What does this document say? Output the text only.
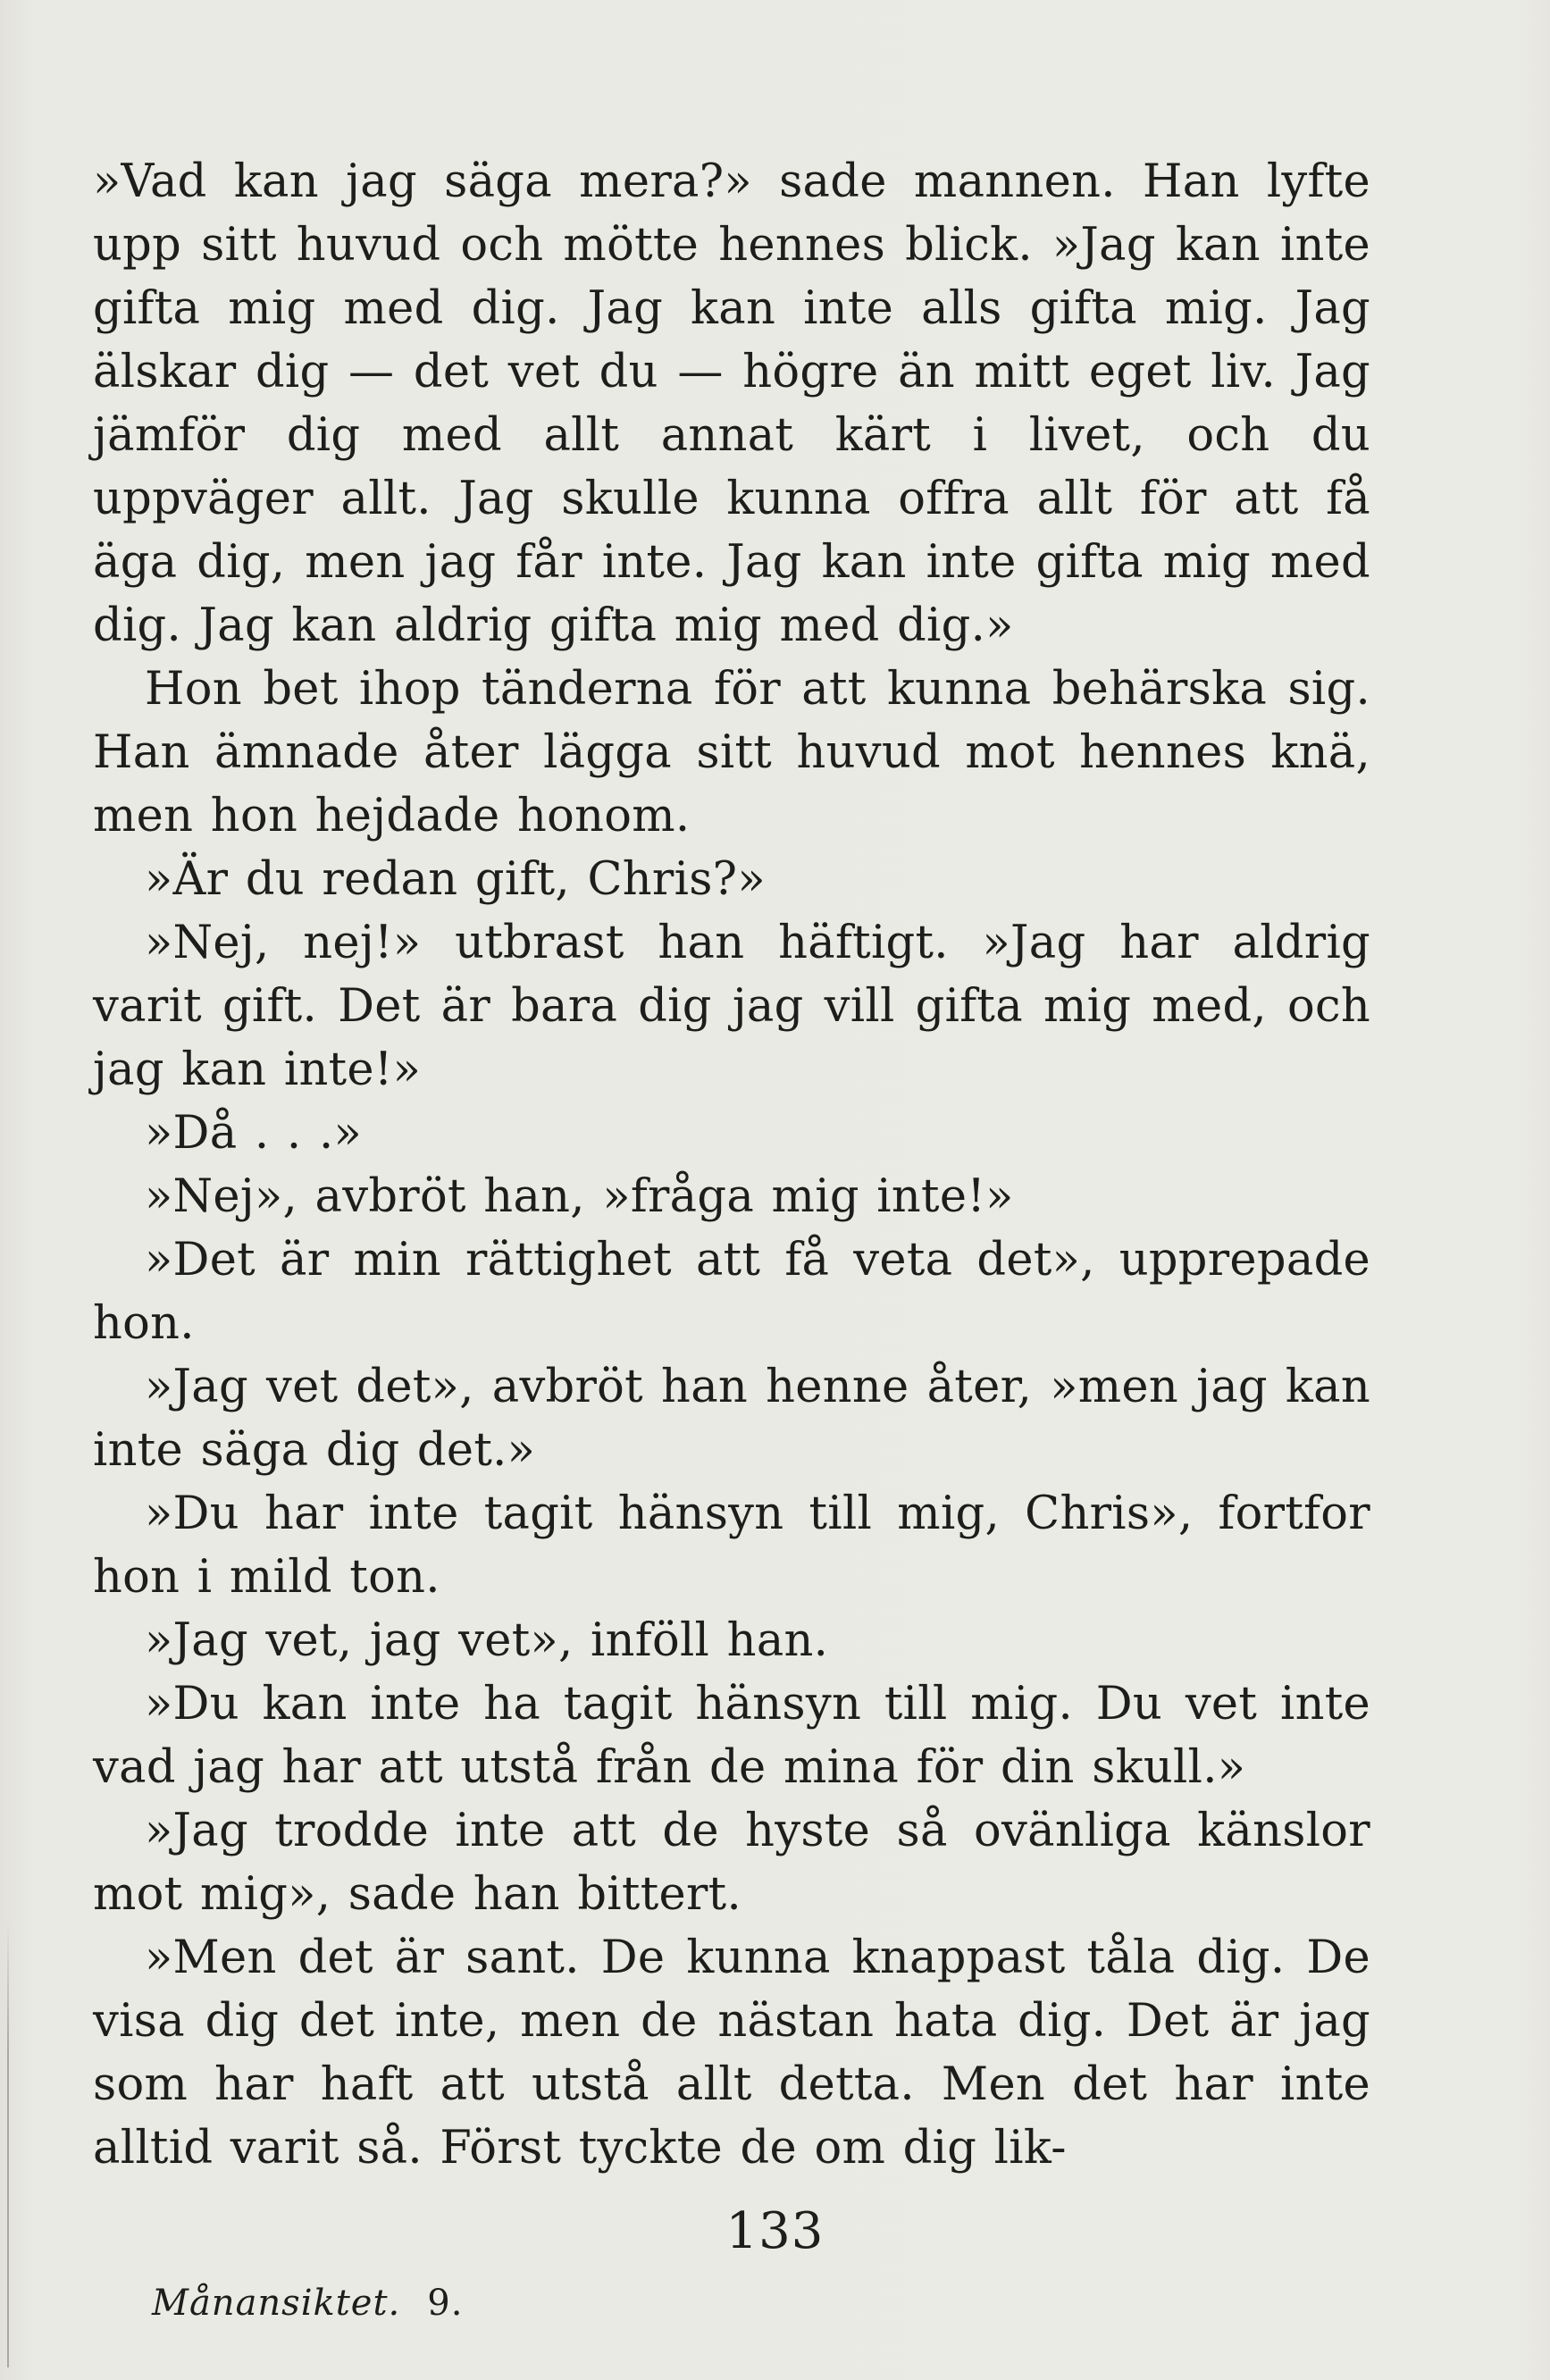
»Vad kan jag säga mera?» sade mannen. Han lyfte upp sitt huvud och mötte hennes blick. »Jag kan inte gifta mig med dig. Jag kan inte alls gifta mig. Jag älskar dig — det vet du — högre än mitt eget liv. Jag jämför dig med allt annat kärt i livet, och du uppväger allt. Jag skulle kunna offra allt för att få äga dig, men jag får inte. Jag kan inte gifta mig med dig. Jag kan aldrig gifta mig med dig.»

Hon bet ihop tänderna för att kunna behärska sig. Han ämnade åter lägga sitt huvud mot hennes knä, men hon hejdade honom.

»Är du redan gift, Chris?»

»Nej, nej!» utbrast han häftigt. »Jag har aldrig varit gift. Det är bara dig jag vill gifta mig med, och jag kan inte!»

»Då . . .»

»Nej», avbröt han, »fråga mig inte!»

»Det är min rättighet att få veta det», upprepade hon.

»Jag vet det», avbröt han henne åter, »men jag kan inte säga dig det.»

»Du har inte tagit hänsyn till mig, Chris», fortfor hon i mild ton.

»Jag vet, jag vet», inföll han.

»Du kan inte ha tagit hänsyn till mig. Du vet inte vad jag har att utstå från de mina för din skull.»

»Jag trodde inte att de hyste så ovänliga känslor mot mig», sade han bittert.

»Men det är sant. De kunna knappast tåla dig. De visa dig det inte, men de nästan hata dig. Det är jag som har haft att utstå allt detta. Men det har inte alltid varit så. Först tyckte de om dig lik-

133
Månansiktet. 9.
